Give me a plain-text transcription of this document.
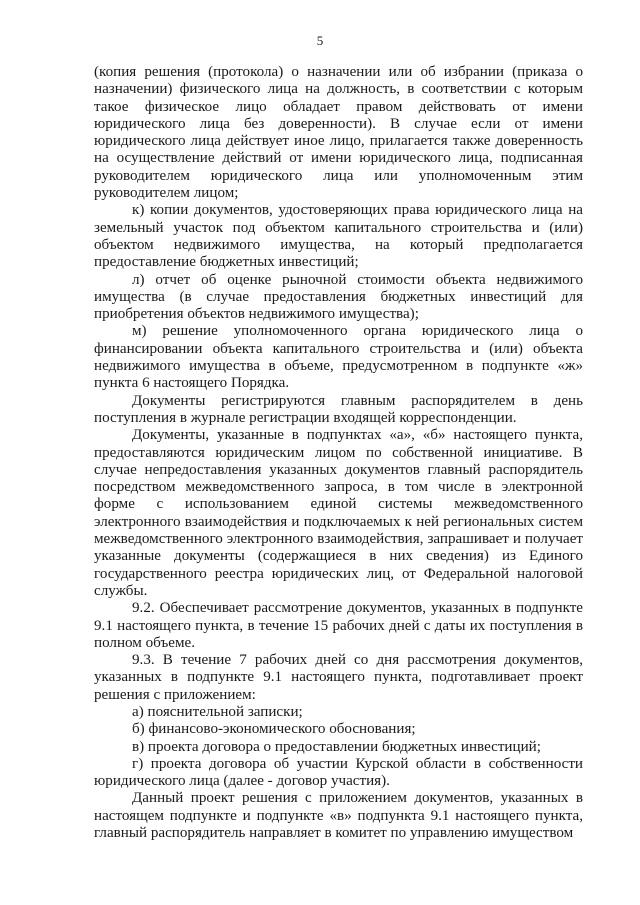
5

(копия решения (протокола) о назначении или об избрании (приказа о назначении) физического лица на должность, в соответствии с которым такое физическое лицо обладает правом действовать от имени юридического лица без доверенности). В случае если от имени юридического лица действует иное лицо, прилагается также доверенность на осуществление действий от имени юридического лица, подписанная руководителем юридического лица или уполномоченным этим руководителем лицом;

к) копии документов, удостоверяющих права юридического лица на земельный участок под объектом капитального строительства и (или) объектом недвижимого имущества, на который предполагается предоставление бюджетных инвестиций;

л) отчет об оценке рыночной стоимости объекта недвижимого имущества (в случае предоставления бюджетных инвестиций для приобретения объектов недвижимого имущества);

м) решение уполномоченного органа юридического лица о финансировании объекта капитального строительства и (или) объекта недвижимого имущества в объеме, предусмотренном в подпункте «ж» пункта 6 настоящего Порядка.

Документы регистрируются главным распорядителем в день поступления в журнале регистрации входящей корреспонденции.

Документы, указанные в подпунктах «а», «б» настоящего пункта, предоставляются юридическим лицом по собственной инициативе. В случае непредоставления указанных документов главный распорядитель посредством межведомственного запроса, в том числе в электронной форме с использованием единой системы межведомственного электронного взаимодействия и подключаемых к ней региональных систем межведомственного электронного взаимодействия, запрашивает и получает указанные документы (содержащиеся в них сведения) из Единого государственного реестра юридических лиц, от Федеральной налоговой службы.

9.2. Обеспечивает рассмотрение документов, указанных в подпункте 9.1 настоящего пункта, в течение 15 рабочих дней с даты их поступления в полном объеме.

9.3. В течение 7 рабочих дней со дня рассмотрения документов, указанных в подпункте 9.1 настоящего пункта, подготавливает проект решения с приложением:

а) пояснительной записки;

б) финансово-экономического обоснования;

в) проекта договора о предоставлении бюджетных инвестиций;

г) проекта договора об участии Курской области в собственности юридического лица (далее - договор участия).

Данный проект решения с приложением документов, указанных в настоящем подпункте и подпункте «в» подпункта 9.1 настоящего пункта, главный распорядитель направляет в комитет по управлению имуществом
